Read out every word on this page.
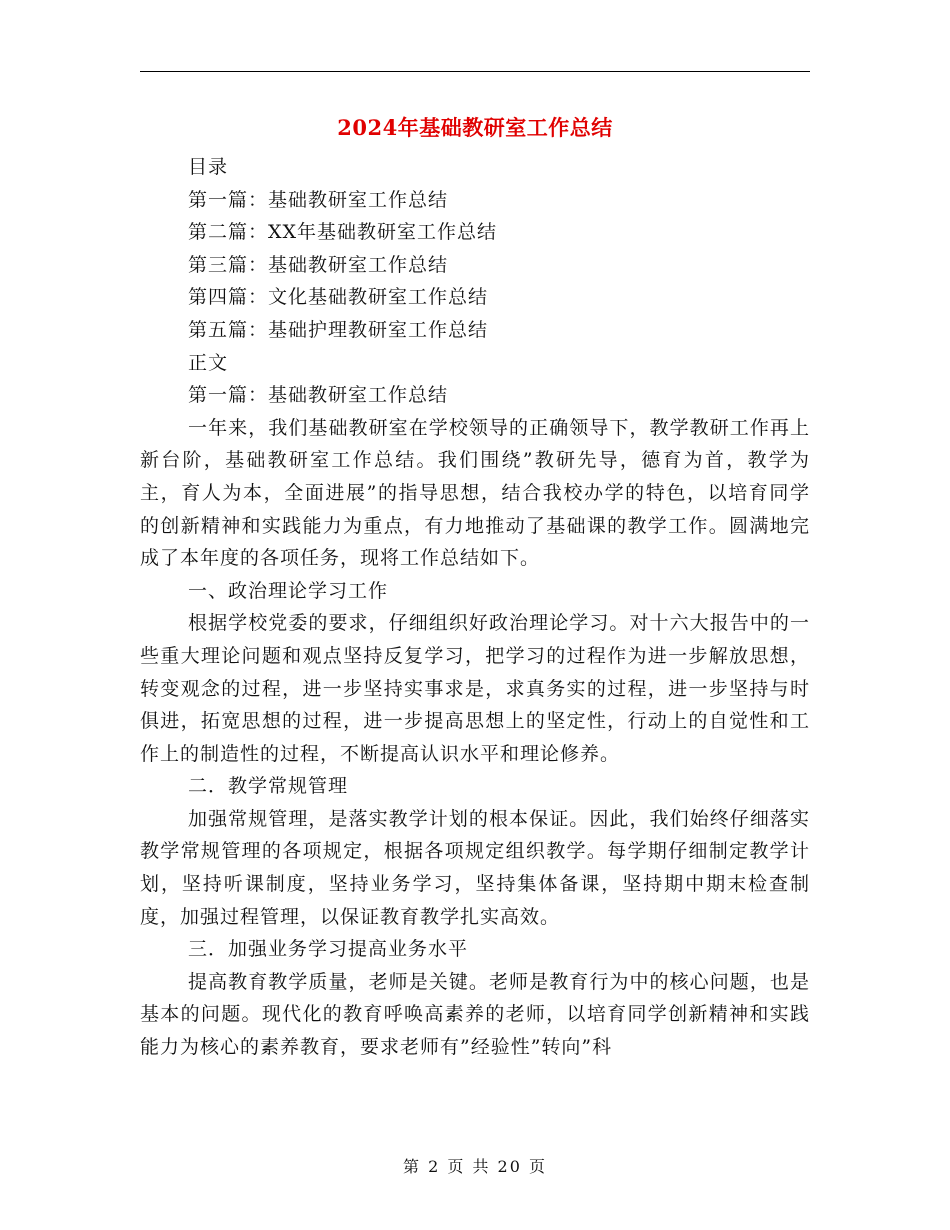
2024年基础教研室工作总结

目录

第一篇：基础教研室工作总结

第二篇：XX年基础教研室工作总结

第三篇：基础教研室工作总结

第四篇：文化基础教研室工作总结

第五篇：基础护理教研室工作总结

正文

第一篇：基础教研室工作总结

一年来，我们基础教研室在学校领导的正确领导下，教学教研工作再上新台阶，基础教研室工作总结。我们围绕”教研先导，德育为首，教学为主，育人为本，全面进展”的指导思想，结合我校办学的特色，以培育同学的创新精神和实践能力为重点，有力地推动了基础课的教学工作。圆满地完成了本年度的各项任务，现将工作总结如下。

一、政治理论学习工作

根据学校党委的要求，仔细组织好政治理论学习。对十六大报告中的一些重大理论问题和观点坚持反复学习，把学习的过程作为进一步解放思想，转变观念的过程，进一步坚持实事求是，求真务实的过程，进一步坚持与时俱进，拓宽思想的过程，进一步提高思想上的坚定性，行动上的自觉性和工作上的制造性的过程，不断提高认识水平和理论修养。

二．教学常规管理

加强常规管理，是落实教学计划的根本保证。因此，我们始终仔细落实教学常规管理的各项规定，根据各项规定组织教学。每学期仔细制定教学计划，坚持听课制度，坚持业务学习，坚持集体备课，坚持期中期末检查制度，加强过程管理，以保证教育教学扎实高效。

三．加强业务学习提高业务水平

提高教育教学质量，老师是关键。老师是教育行为中的核心问题，也是基本的问题。现代化的教育呼唤高素养的老师，以培育同学创新精神和实践能力为核心的素养教育，要求老师有”经验性”转向”科

第 2 页 共 20 页
